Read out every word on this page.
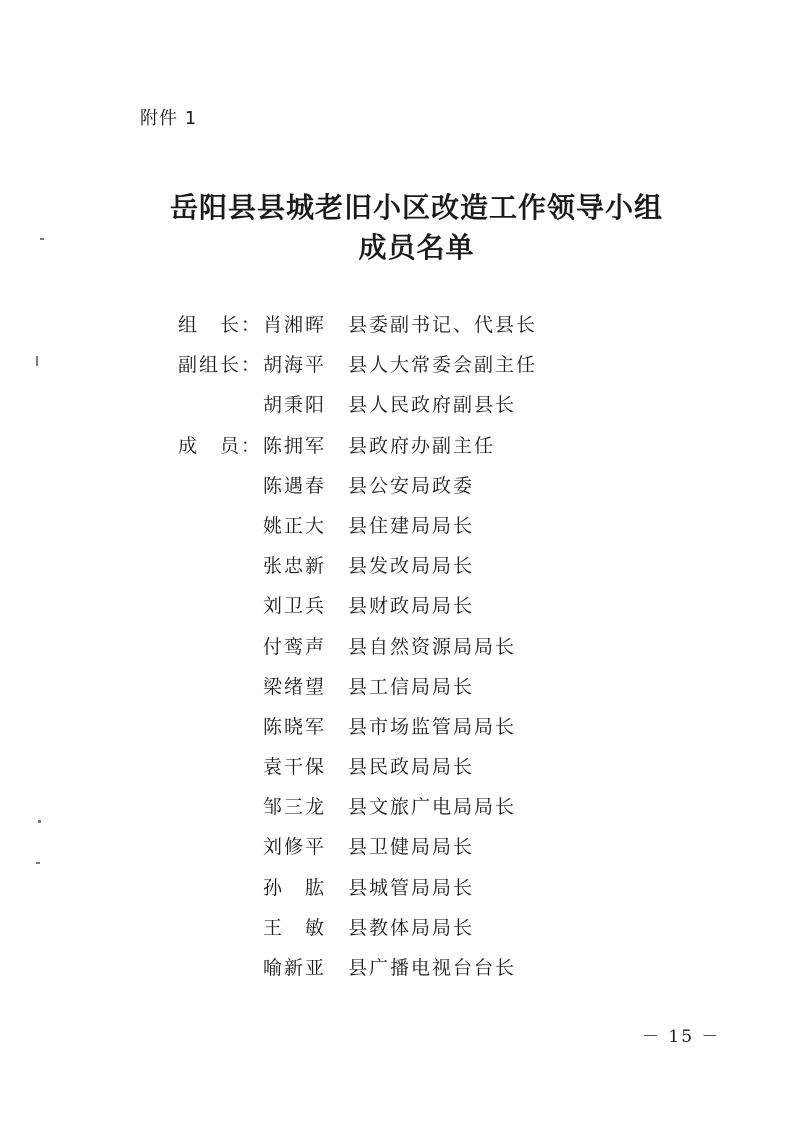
附件 1
岳阳县县城老旧小区改造工作领导小组
成员名单
组　长： 肖湘晖	县委副书记、代县长
副组长： 胡海平	县人大常委会副主任
胡秉阳	县人民政府副县长
成　员： 陈拥军	县政府办副主任
陈遇春	县公安局政委
姚正大	县住建局局长
张忠新	县发改局局长
刘卫兵	县财政局局长
付鸾声	县自然资源局局长
梁绪望	县工信局局长
陈晓军	县市场监管局局长
袁干保	县民政局局长
邹三龙	县文旅广电局局长
刘修平	县卫健局局长
孙　肱	县城管局局长
王　敏	县教体局局长
喻新亚	县广播电视台台长
－ 15 －
